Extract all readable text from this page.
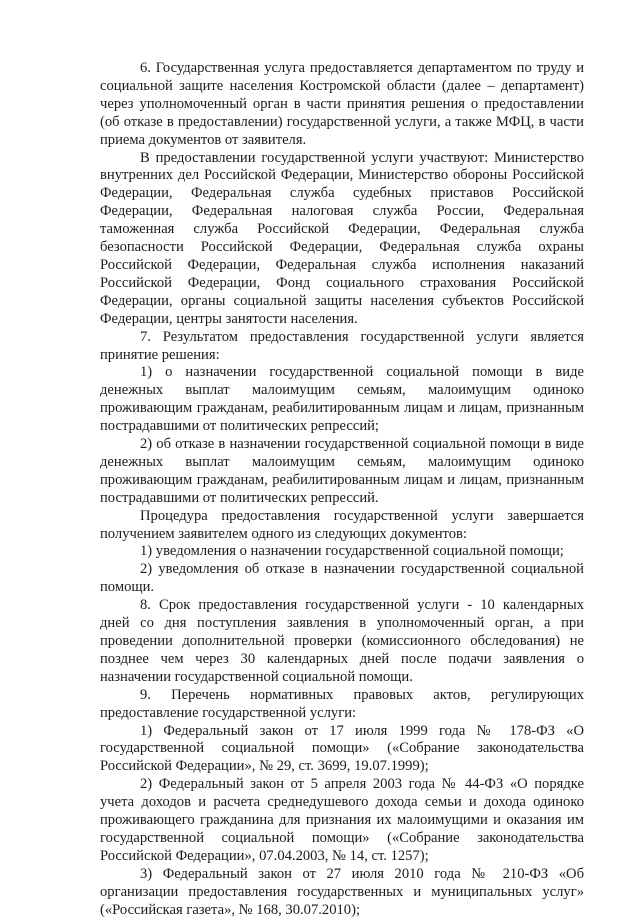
6. Государственная услуга предоставляется департаментом по труду и социальной защите населения Костромской области (далее – департамент) через уполномоченный орган в части принятия решения о предоставлении (об отказе в предоставлении) государственной услуги, а также МФЦ, в части приема документов от заявителя.

В предоставлении государственной услуги участвуют: Министерство внутренних дел Российской Федерации, Министерство обороны Российской Федерации, Федеральная служба судебных приставов Российской Федерации, Федеральная налоговая служба России, Федеральная таможенная служба Российской Федерации, Федеральная служба безопасности Российской Федерации, Федеральная служба охраны Российской Федерации, Федеральная служба исполнения наказаний Российской Федерации, Фонд социального страхования Российской Федерации, органы социальной защиты населения субъектов Российской Федерации, центры занятости населения.

7. Результатом предоставления государственной услуги является принятие решения:

1) о назначении государственной социальной помощи в виде денежных выплат малоимущим семьям, малоимущим одиноко проживающим гражданам, реабилитированным лицам и лицам, признанным пострадавшими от политических репрессий;

2) об отказе в назначении государственной социальной помощи в виде денежных выплат малоимущим семьям, малоимущим одиноко проживающим гражданам, реабилитированным лицам и лицам, признанным пострадавшими от политических репрессий.

Процедура предоставления государственной услуги завершается получением заявителем одного из следующих документов:

1) уведомления о назначении государственной социальной помощи;

2) уведомления об отказе в назначении государственной социальной помощи.

8. Срок предоставления государственной услуги - 10 календарных дней со дня поступления заявления в уполномоченный орган, а при проведении дополнительной проверки (комиссионного обследования) не позднее чем через 30 календарных дней после подачи заявления о назначении государственной социальной помощи.

9. Перечень нормативных правовых актов, регулирующих предоставление государственной услуги:

1) Федеральный закон от 17 июля 1999 года № 178-ФЗ «О государственной социальной помощи» («Собрание законодательства Российской Федерации», № 29, ст. 3699, 19.07.1999);

2) Федеральный закон от 5 апреля 2003 года № 44-ФЗ «О порядке учета доходов и расчета среднедушевого дохода семьи и дохода одиноко проживающего гражданина для признания их малоимущими и оказания им государственной социальной помощи» («Собрание законодательства Российской Федерации», 07.04.2003, № 14, ст. 1257);

3) Федеральный закон от 27 июля 2010 года № 210-ФЗ «Об организации предоставления государственных и муниципальных услуг» («Российская газета», № 168, 30.07.2010);
